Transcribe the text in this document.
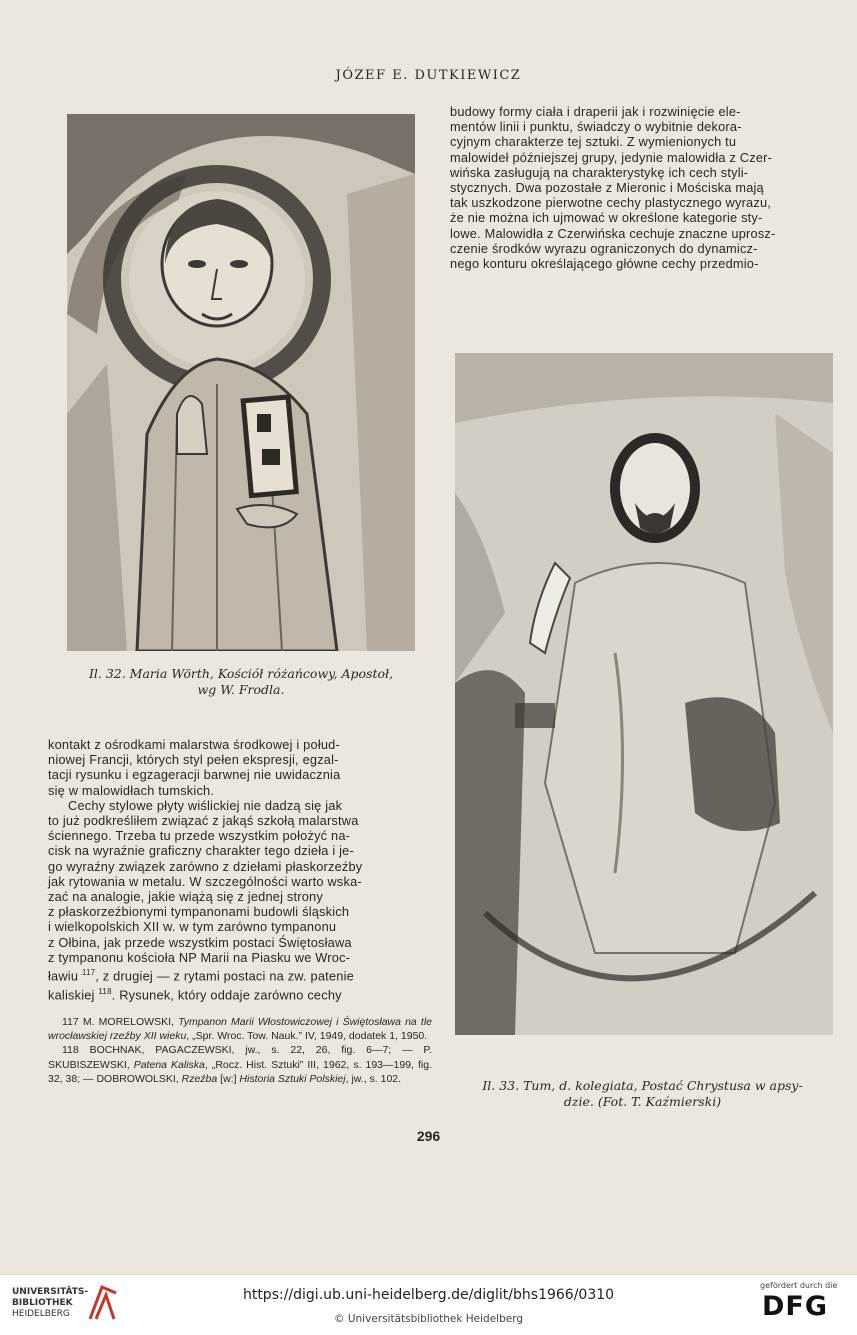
JÓZEF E. DUTKIEWICZ
Il. 32. Maria Wörth, Kościół różańcowy, Apostoł,
wg W. Frodla.
budowy formy ciała i draperii jak i rozwinięcie ele-
mentów linii i punktu, świadczy o wybitnie dekora-
cyjnym charakterze tej sztuki. Z wymienionych tu
malowideł późniejszej grupy, jedynie malowidła z Czer-
wińska zasługują na charakterystykę ich cech styli-
stycznych. Dwa pozostałe z Mieronic i Mościska mają
tak uszkodzone pierwotne cechy plastycznego wyrazu,
że nie można ich ujmować w określone kategorie sty-
lowe. Malowidła z Czerwińska cechuje znaczne uprosz-
czenie środków wyrazu ograniczonych do dynamicz-
nego konturu określającego główne cechy przedmio-
Il. 33. Tum, d. kolegiata, Postać Chrystusa w apsy-
dzie. (Fot. T. Kaźmierski)
kontakt z ośrodkami malarstwa środkowej i połud-
niowej Francji, których styl pełen ekspresji, egzal-
tacji rysunku i egzageracji barwnej nie uwidacznia
się w malowidłach tumskich.
Cechy stylowe płyty wiślickiej nie dadzą się jak
to już podkreśliłem związać z jakąś szkołą malarstwa
ściennego. Trzeba tu przede wszystkim położyć na-
cisk na wyraźnie graficzny charakter tego dzieła i je-
go wyraźny związek zarówno z dziełami płaskorzeźby
jak rytowania w metalu. W szczególności warto wska-
zać na analogie, jakie wiążą się z jednej strony
z płaskorzeźbionymi tympanonami budowli śląskich
i wielkopolskich XII w. w tym zarówno tympanonu
z Ołbina, jak przede wszystkim postaci Świętosława
z tympanonu kościoła NP Marii na Piasku we Wroc-
ławiu $^{117}$, z drugiej — z rytami postaci na zw. patenie
kaliskiej $^{118}$. Rysunek, który oddaje zarówno cechy

117 M. MORELOWSKI, Tympanon Marii Włostowiczowej i Świętosława na tle wrocławskiej rzeźby XII wieku, „Spr. Wroc. Tow. Nauk.” IV, 1949, dodatek 1, 1950.

118 BOCHNAK, PAGACZEWSKI, jw., s. 22, 26, fig. 6—7; — P. SKUBISZEWSKI, Patena Kaliska, „Rocz. Hist. Sztuki” III, 1962, s. 193—199, fig. 32, 38; — DOBROWOLSKI, Rzeźba [w:] Historia Sztuki Polskiej, jw., s. 102.

296
UNIVERSITÄTS-
BIBLIOTHEK
HEIDELBERG
https://digi.ub.uni-heidelberg.de/diglit/bhs1966/0310
© Universitätsbibliothek Heidelberg
gefördert durch die
DFG
